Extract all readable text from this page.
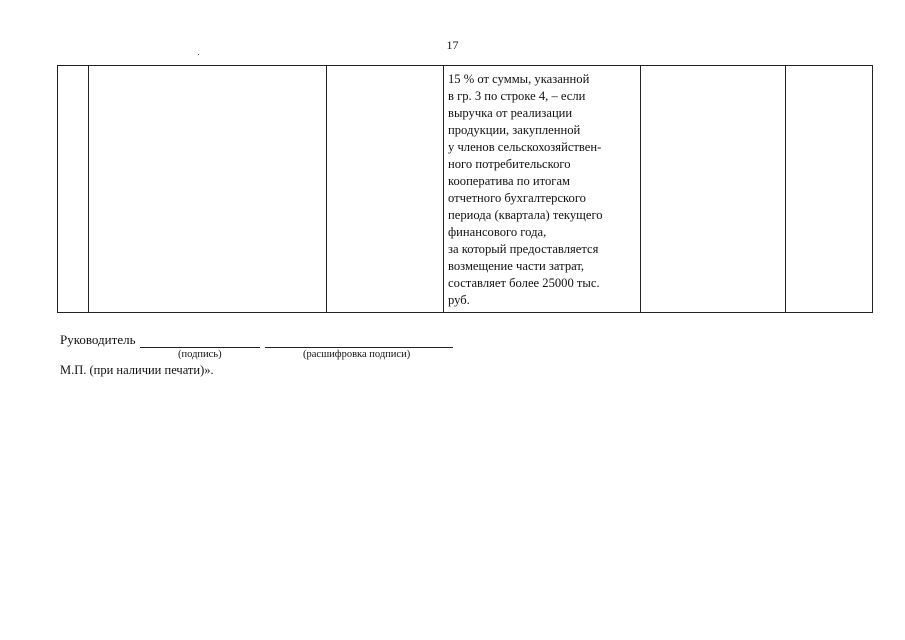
17

15 % от суммы, указанной
в гр. 3 по строке 4, – если
выручка от реализации
продукции, закупленной
у членов сельскохозяйствен-
ного потребительского
кооператива по итогам
отчетного бухгалтерского
периода (квартала) текущего
финансового года,
за который предоставляется
возмещение части затрат,
составляет более 25000 тыс.
руб.

Руководитель
(подпись)	(расшифровка подписи)
М.П. (при наличии печати)».
